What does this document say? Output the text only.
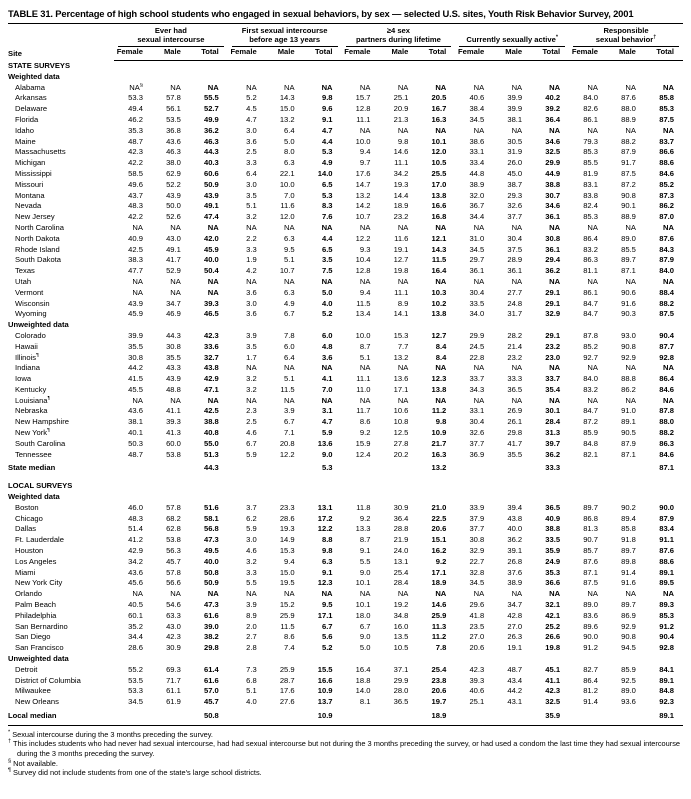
TABLE 31. Percentage of high school students who engaged in sexual behaviors, by sex — selected U.S. sites, Youth Risk Behavior Survey, 2001
Site	Ever had
sexual intercourse			First sexual intercourse
before age 13 years			≥4 sex
partners during lifetime			Currently sexually active*			Responsible
sexual behavior†

	Female	Male	Total	Female	Male	Total	Female	Male	Total	Female	Male	Total	Female	Male	Total
STATE SURVEYS															
Weighted data															
Alabama	NA§	NA	NA	NA	NA	NA	NA	NA	NA	NA	NA	NA	NA	NA	NA
Arkansas	53.3	57.8	55.5	5.2	14.3	9.8	15.7	25.1	20.5	40.6	39.9	40.2	84.0	87.6	85.8
Delaware	49.4	56.1	52.7	4.5	15.0	9.6	12.8	20.9	16.7	38.4	39.9	39.2	82.6	88.0	85.3
Florida	46.2	53.5	49.9	4.7	13.2	9.1	11.1	21.3	16.3	34.5	38.1	36.4	86.1	88.9	87.5
Idaho	35.3	36.8	36.2	3.0	6.4	4.7	NA	NA	NA	NA	NA	NA	NA	NA	NA
Maine	48.7	43.6	46.3	3.6	5.0	4.4	10.0	9.8	10.1	38.6	30.5	34.6	79.3	88.2	83.7
Massachusetts	42.3	46.3	44.3	2.5	8.0	5.3	9.4	14.6	12.0	33.1	31.9	32.5	85.3	87.9	86.6
Michigan	42.2	38.0	40.3	3.3	6.3	4.9	9.7	11.1	10.5	33.4	26.0	29.9	85.5	91.7	88.6
Mississippi	58.5	62.9	60.6	6.4	22.1	14.0	17.6	34.2	25.5	44.8	45.0	44.9	81.9	87.5	84.6
Missouri	49.6	52.2	50.9	3.0	10.0	6.5	14.7	19.3	17.0	38.9	38.7	38.8	83.1	87.2	85.2
Montana	43.7	43.9	43.9	3.5	7.0	5.3	13.2	14.4	13.8	32.0	29.3	30.7	83.8	90.8	87.3
Nevada	48.3	50.0	49.1	5.1	11.6	8.3	14.2	18.9	16.6	36.7	32.6	34.6	82.4	90.1	86.2
New Jersey	42.2	52.6	47.4	3.2	12.0	7.6	10.7	23.2	16.8	34.4	37.7	36.1	85.3	88.9	87.0
North Carolina	NA	NA	NA	NA	NA	NA	NA	NA	NA	NA	NA	NA	NA	NA	NA
North Dakota	40.9	43.0	42.0	2.2	6.3	4.4	12.2	11.6	12.1	31.0	30.4	30.8	86.4	89.0	87.6
Rhode Island	42.5	49.1	45.9	3.3	9.5	6.5	9.3	19.1	14.3	34.5	37.5	36.1	83.2	85.5	84.3
South Dakota	38.3	41.7	40.0	1.9	5.1	3.5	10.4	12.7	11.5	29.7	28.9	29.4	86.3	89.7	87.9
Texas	47.7	52.9	50.4	4.2	10.7	7.5	12.8	19.8	16.4	36.1	36.1	36.2	81.1	87.1	84.0
Utah	NA	NA	NA	NA	NA	NA	NA	NA	NA	NA	NA	NA	NA	NA	NA
Vermont	NA	NA	NA	3.6	6.3	5.0	9.4	11.1	10.3	30.4	27.7	29.1	86.1	90.6	88.4
Wisconsin	43.9	34.7	39.3	3.0	4.9	4.0	11.5	8.9	10.2	33.5	24.8	29.1	84.7	91.6	88.2
Wyoming	45.9	46.9	46.5	3.6	6.7	5.2	13.4	14.1	13.8	34.0	31.7	32.9	84.7	90.3	87.5
Unweighted data															
Colorado	39.9	44.3	42.3	3.9	7.8	6.0	10.0	15.3	12.7	29.9	28.2	29.1	87.8	93.0	90.4
Hawaii	35.5	30.8	33.6	3.5	6.0	4.8	8.7	7.7	8.4	24.5	21.4	23.2	85.2	90.8	87.7
Illinois¶	30.8	35.5	32.7	1.7	6.4	3.6	5.1	13.2	8.4	22.8	23.2	23.0	92.7	92.9	92.8
Indiana	44.2	43.3	43.8	NA	NA	NA	NA	NA	NA	NA	NA	NA	NA	NA	NA
Iowa	41.5	43.9	42.9	3.2	5.1	4.1	11.1	13.6	12.3	33.7	33.3	33.7	84.0	88.8	86.4
Kentucky	45.5	48.8	47.1	3.2	11.5	7.0	11.0	17.1	13.8	34.3	36.5	35.4	83.2	86.2	84.6
Louisiana¶	NA	NA	NA	NA	NA	NA	NA	NA	NA	NA	NA	NA	NA	NA	NA
Nebraska	43.6	41.1	42.5	2.3	3.9	3.1	11.7	10.6	11.2	33.1	26.9	30.1	84.7	91.0	87.8
New Hampshire	38.1	39.3	38.8	2.5	6.7	4.7	8.6	10.8	9.8	30.4	26.1	28.4	87.2	89.1	88.0
New York¶	40.1	41.3	40.8	4.6	7.1	5.9	9.2	12.5	10.9	32.6	29.8	31.3	85.9	90.5	88.2
South Carolina	50.3	60.0	55.0	6.7	20.8	13.6	15.9	27.8	21.7	37.7	41.7	39.7	84.8	87.9	86.3
Tennessee	48.7	53.8	51.3	5.9	12.2	9.0	12.4	20.2	16.3	36.9	35.5	36.2	82.1	87.1	84.6
State median			44.3			5.3			13.2			33.3			87.1
LOCAL SURVEYS															
Weighted data															
Boston	46.0	57.8	51.6	3.7	23.3	13.1	11.8	30.9	21.0	33.9	39.4	36.5	89.7	90.2	90.0
Chicago	48.3	68.2	58.1	6.2	28.6	17.2	9.2	36.4	22.5	37.9	43.8	40.9	86.8	89.4	87.9
Dallas	51.4	62.8	56.8	5.9	19.3	12.2	13.3	28.8	20.6	37.7	40.0	38.8	81.3	85.8	83.4
Ft. Lauderdale	41.2	53.8	47.3	3.0	14.9	8.8	8.7	21.9	15.1	30.8	36.2	33.5	90.7	91.8	91.1
Houston	42.9	56.3	49.5	4.6	15.3	9.8	9.1	24.0	16.2	32.9	39.1	35.9	85.7	89.7	87.6
Los Angeles	34.2	45.7	40.0	3.2	9.4	6.3	5.5	13.1	9.2	22.7	26.8	24.9	87.6	89.8	88.6
Miami	43.6	57.8	50.8	3.3	15.0	9.1	9.0	25.4	17.1	32.8	37.6	35.3	87.1	91.4	89.1
New York City	45.6	56.6	50.9	5.5	19.5	12.3	10.1	28.4	18.9	34.5	38.9	36.6	87.5	91.6	89.5
Orlando	NA	NA	NA	NA	NA	NA	NA	NA	NA	NA	NA	NA	NA	NA	NA
Palm Beach	40.5	54.6	47.3	3.9	15.2	9.5	10.1	19.2	14.6	29.6	34.7	32.1	89.0	89.7	89.3
Philadelphia	60.1	63.3	61.6	8.9	25.9	17.1	18.0	34.8	25.9	41.8	42.8	42.1	83.6	86.9	85.3
San Bernardino	35.2	43.0	39.0	2.0	11.5	6.7	6.7	16.0	11.3	23.5	27.0	25.2	89.6	92.9	91.2
San Diego	34.4	42.3	38.2	2.7	8.6	5.6	9.0	13.5	11.2	27.0	26.3	26.6	90.0	90.8	90.4
San Francisco	28.6	30.9	29.8	2.8	7.4	5.2	5.0	10.5	7.8	20.6	19.1	19.8	91.2	94.5	92.8
Unweighted data															
Detroit	55.2	69.3	61.4	7.3	25.9	15.5	16.4	37.1	25.4	42.3	48.7	45.1	82.7	85.9	84.1
District of Columbia	53.5	71.7	61.6	6.8	28.7	16.6	18.8	29.9	23.8	39.3	43.4	41.1	86.4	92.5	89.1
Milwaukee	53.3	61.1	57.0	5.1	17.6	10.9	14.0	28.0	20.6	40.6	44.2	42.3	81.2	89.0	84.8
New Orleans	34.5	61.9	45.7	4.0	27.6	13.7	8.1	36.5	19.7	25.1	43.1	32.5	91.4	93.6	92.3
Local median			50.8			10.9			18.9			35.9			89.1
* Sexual intercourse during the 3 months preceding the survey.
† This includes students who had never had sexual intercourse, had had sexual intercourse but not during the 3 months preceding the survey, or had used a condom the last time they had sexual intercourse during the 3 months preceding the survey.
§ Not available.
¶ Survey did not include students from one of the state's large school districts.
